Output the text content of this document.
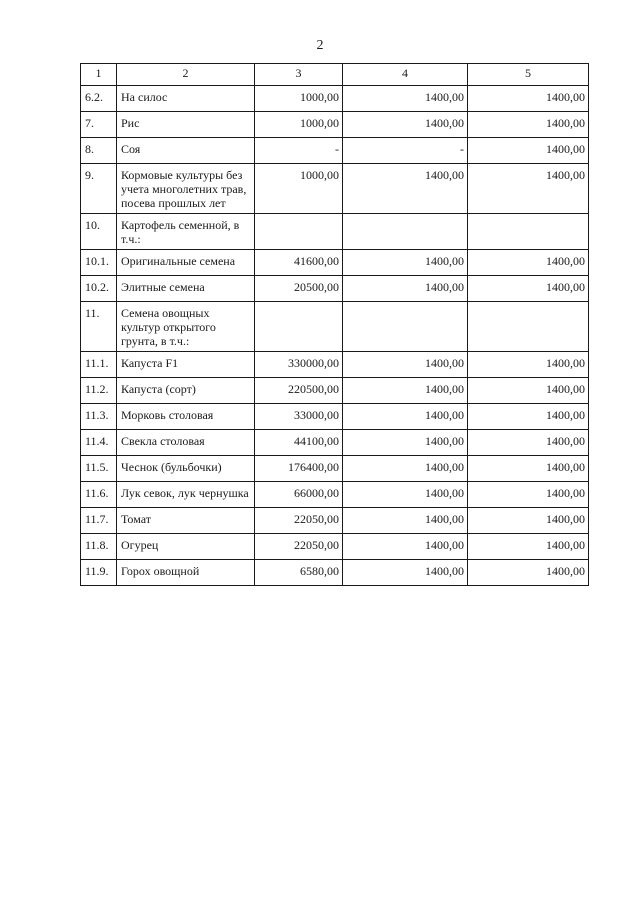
2
1	2	3	4	5
6.2.	На силос	1000,00	1400,00	1400,00
7.	Рис	1000,00	1400,00	1400,00
8.	Соя	-	-	1400,00
9.	Кормовые культуры без учета многолетних трав, посева прошлых лет	1000,00	1400,00	1400,00
10.	Картофель семенной, в т.ч.:			
10.1.	Оригинальные семена	41600,00	1400,00	1400,00
10.2.	Элитные семена	20500,00	1400,00	1400,00
11.	Семена овощных культур открытого грунта, в т.ч.:			
11.1.	Капуста F1	330000,00	1400,00	1400,00
11.2.	Капуста (сорт)	220500,00	1400,00	1400,00
11.3.	Морковь столовая	33000,00	1400,00	1400,00
11.4.	Свекла столовая	44100,00	1400,00	1400,00
11.5.	Чеснок (бульбочки)	176400,00	1400,00	1400,00
11.6.	Лук севок, лук чернушка	66000,00	1400,00	1400,00
11.7.	Томат	22050,00	1400,00	1400,00
11.8.	Огурец	22050,00	1400,00	1400,00
11.9.	Горох овощной	6580,00	1400,00	1400,00
